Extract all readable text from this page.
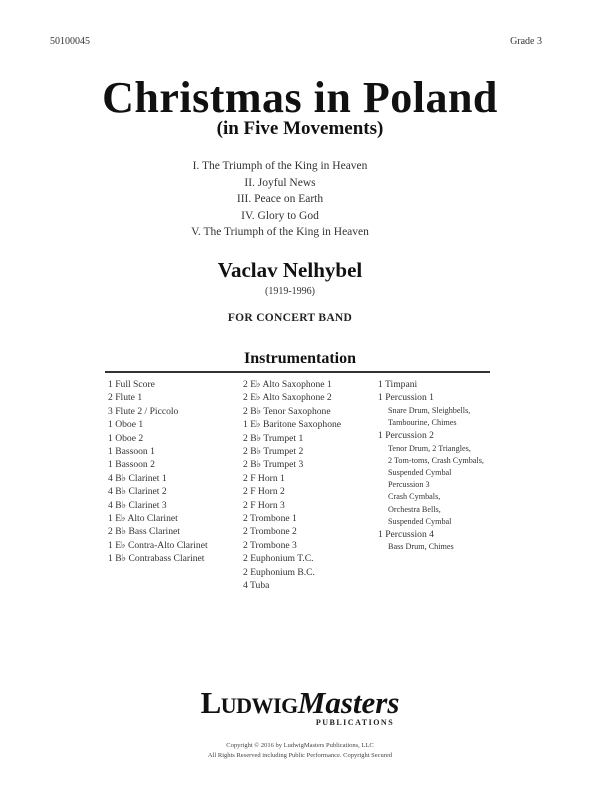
50100045	Grade 3
Christmas in Poland
(in Five Movements)
I. The Triumph of the King in Heaven
II. Joyful News
III. Peace on Earth
IV. Glory to God
V. The Triumph of the King in Heaven
Vaclav Nelhybel
(1919-1996)
FOR CONCERT BAND
Instrumentation
1 Full Score
2 Flute 1
3 Flute 2 / Piccolo
1 Oboe 1
1 Oboe 2
1 Bassoon 1
1 Bassoon 2
4 B♭ Clarinet 1
4 B♭ Clarinet 2
4 B♭ Clarinet 3
1 E♭ Alto Clarinet
2 B♭ Bass Clarinet
1 E♭ Contra-Alto Clarinet
1 B♭ Contrabass Clarinet
2 E♭ Alto Saxophone 1
2 E♭ Alto Saxophone 2
2 B♭ Tenor Saxophone
1 E♭ Baritone Saxophone
2 B♭ Trumpet 1
2 B♭ Trumpet 2
2 B♭ Trumpet 3
2 F Horn 1
2 F Horn 2
2 F Horn 3
2 Trombone 1
2 Trombone 2
2 Trombone 3
2 Euphonium T.C.
2 Euphonium B.C.
4 Tuba
1 Timpani
1 Percussion 1
Snare Drum, Sleighbells,
Tambourine, Chimes
1 Percussion 2
Tenor Drum, 2 Triangles,
2 Tom-toms, Crash Cymbals,
Suspended Cymbal
Percussion 3
Crash Cymbals,
Orchestra Bells,
Suspended Cymbal
1 Percussion 4
Bass Drum, Chimes
LudwigMasters
PUBLICATIONS
Copyright © 2016 by LudwigMasters Publications, LLC
All Rights Reserved including Public Performance. Copyright Secured
